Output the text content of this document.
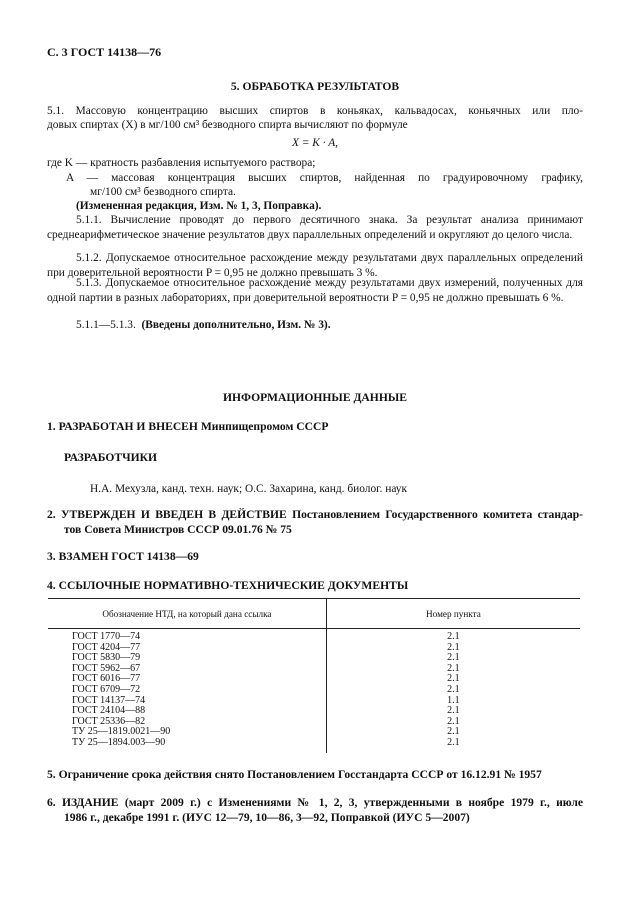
С. 3 ГОСТ 14138—76
5. ОБРАБОТКА РЕЗУЛЬТАТОВ
5.1. Массовую концентрацию высших спиртов в коньяках, кальвадосах, коньячных или пло-
довых спиртах (X) в мг/100 см³ безводного спирта вычисляют по формуле
X = K · A,
где K — кратность разбавления испытуемого раствора;
A — массовая концентрация высших спиртов, найденная по градуировочному графику,
мг/100 см³ безводного спирта.
(Измененная редакция, Изм. № 1, 3, Поправка).
5.1.1. Вычисление проводят до первого десятичного знака. За результат анализа принимают среднеарифметическое значение результатов двух параллельных определений и округляют до целого числа.
5.1.2. Допускаемое относительное расхождение между результатами двух параллельных определений при доверительной вероятности P = 0,95 не должно превышать 3 %.
5.1.3. Допускаемое относительное расхождение между результатами двух измерений, полученных для одной партии в разных лабораториях, при доверительной вероятности P = 0,95 не должно превышать 6 %.
5.1.1—5.1.3. (Введены дополнительно, Изм. № 3).
ИНФОРМАЦИОННЫЕ ДАННЫЕ
1. РАЗРАБОТАН И ВНЕСЕН Минпищепромом СССР
РАЗРАБОТЧИКИ
Н.А. Мехузла, канд. техн. наук; О.С. Захарина, канд. биолог. наук
2. УТВЕРЖДЕН И ВВЕДЕН В ДЕЙСТВИЕ Постановлением Государственного комитета стандар-
тов Совета Министров СССР 09.01.76 № 75
3. ВЗАМЕН ГОСТ 14138—69
4. ССЫЛОЧНЫЕ НОРМАТИВНО-ТЕХНИЧЕСКИЕ ДОКУМЕНТЫ
Обозначение НТД, на который дана ссылка	Номер пункта
ГОСТ 1770—74	2.1
ГОСТ 4204—77	2.1
ГОСТ 5830—79	2.1
ГОСТ 5962—67	2.1
ГОСТ 6016—77	2.1
ГОСТ 6709—72	2.1
ГОСТ 14137—74	1.1
ГОСТ 24104—88	2.1
ГОСТ 25336—82	2.1
ТУ 25—1819.0021—90	2.1
ТУ 25—1894.003—90	2.1

5. Ограничение срока действия снято Постановлением Госстандарта СССР от 16.12.91 № 1957
6. ИЗДАНИЕ (март 2009 г.) с Изменениями № 1, 2, 3, утвержденными в ноябре 1979 г., июле
1986 г., декабре 1991 г. (ИУС 12—79, 10—86, 3—92, Поправкой (ИУС 5—2007)
